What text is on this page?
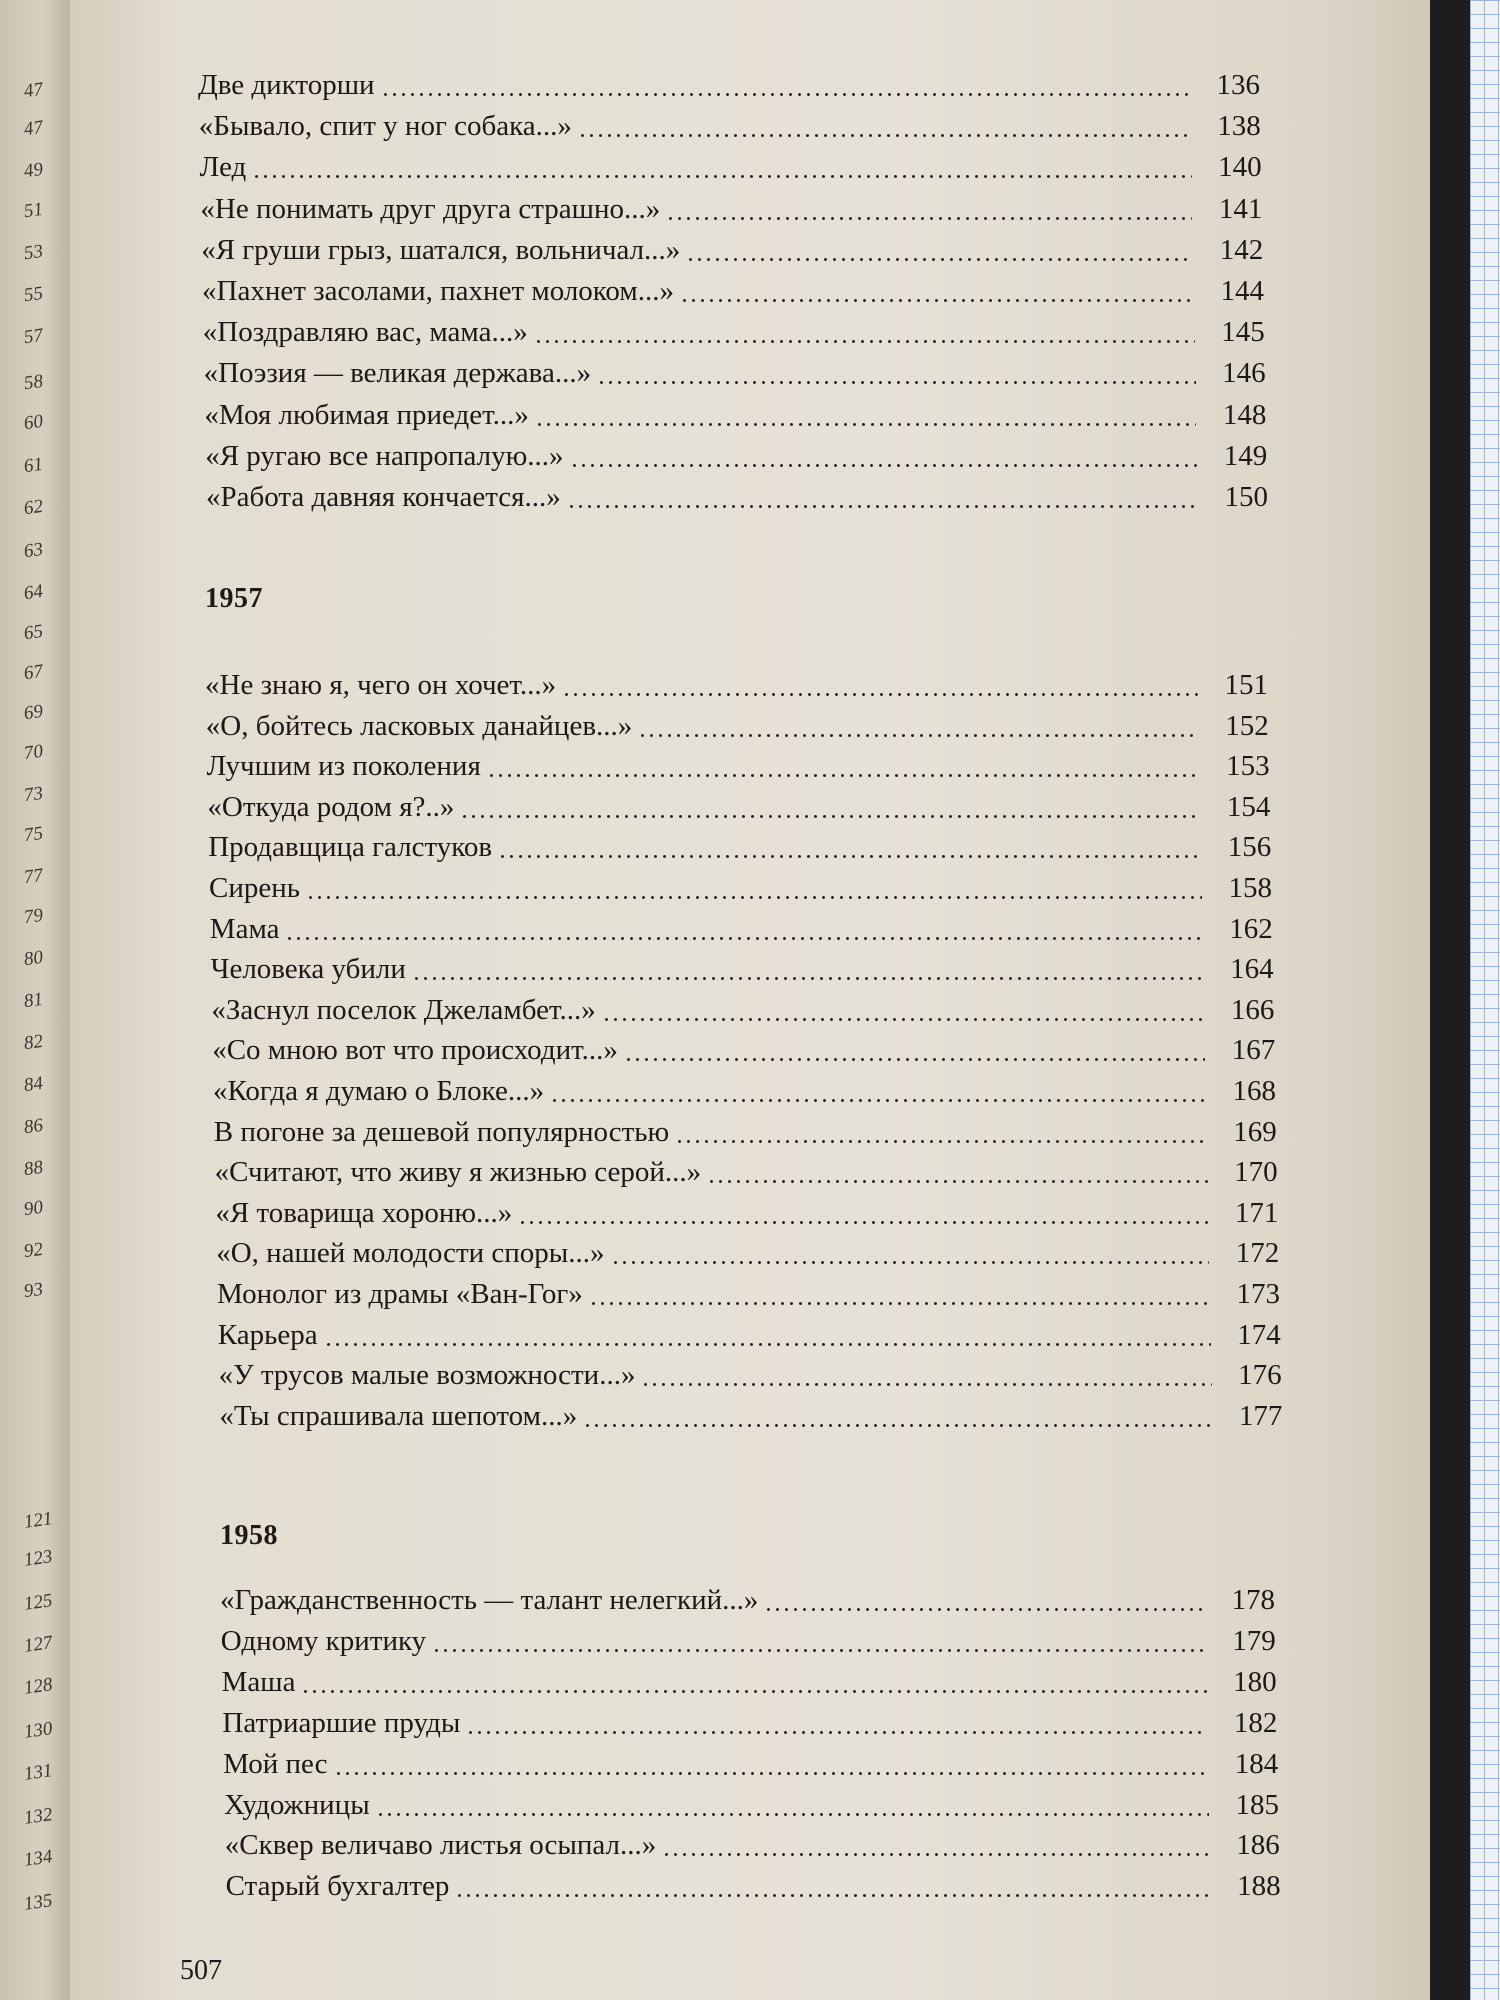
47
47
49
51
53
55
57
58
60
61
62
63
64
65
67
69
70
73
75
77
79
80
81
82
84
86
88
90
92
93
121
123
125
127
128
130
131
132
134
135
Две дикторши	136
«Бывало, спит у ног собака...»	138
Лед	140
«Не понимать друг друга страшно...»	141
«Я груши грыз, шатался, вольничал...»	142
«Пахнет засолами, пахнет молоком...»	144
«Поздравляю вас, мама...»	145
«Поэзия — великая держава...»	146
«Моя любимая приедет...»	148
«Я ругаю все напропалую...»	149
«Работа давняя кончается...»	150
1957
«Не знаю я, чего он хочет...»	151
«О, бойтесь ласковых данайцев...»	152
Лучшим из поколения	153
«Откуда родом я?..»	154
Продавщица галстуков	156
Сирень	158
Мама	162
Человека убили	164
«Заснул поселок Джеламбет...»	166
«Со мною вот что происходит...»	167
«Когда я думаю о Блоке...»	168
В погоне за дешевой популярностью	169
«Считают, что живу я жизнью серой...»	170
«Я товарища хороню...»	171
«О, нашей молодости споры...»	172
Монолог из драмы «Ван-Гог»	173
Карьера	174
«У трусов малые возможности...»	176
«Ты спрашивала шепотом...»	177
1958
«Гражданственность — талант нелегкий...»	178
Одному критику	179
Маша	180
Патриаршие пруды	182
Мой пес	184
Художницы	185
«Сквер величаво листья осыпал...»	186
Старый бухгалтер	188
507
